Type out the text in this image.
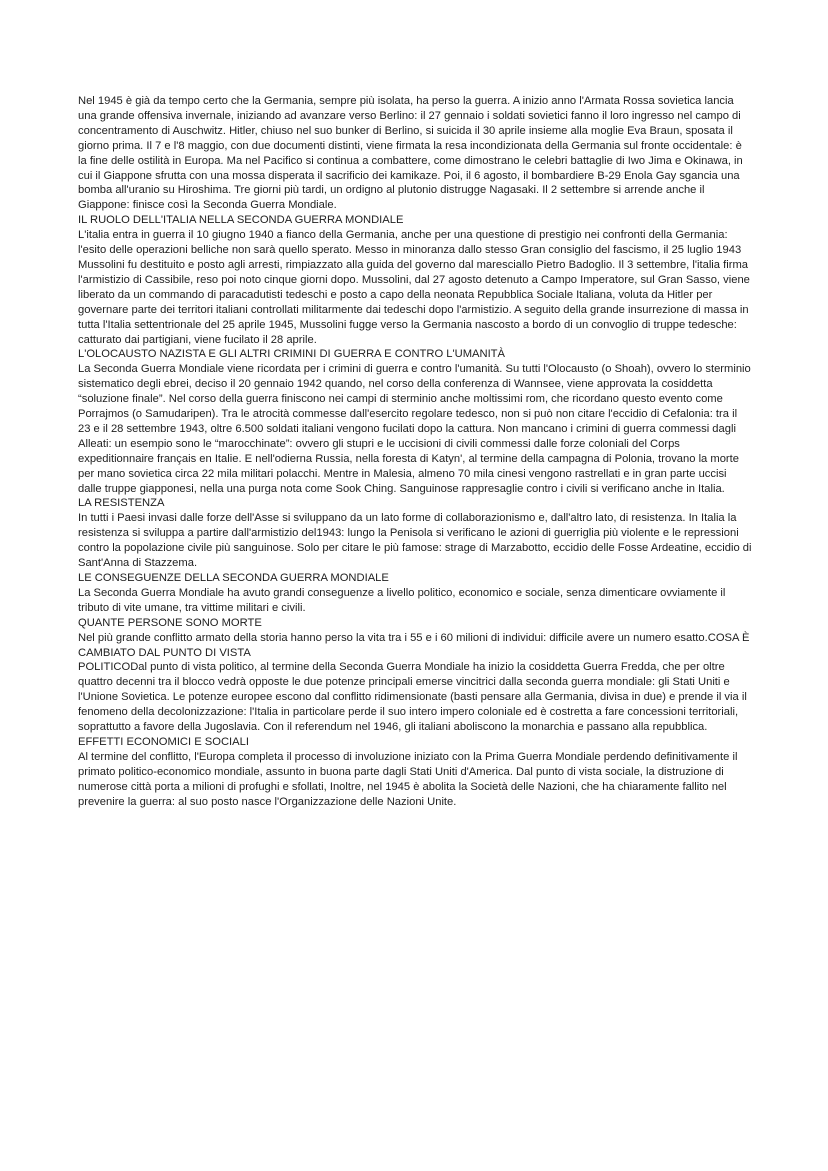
Nel 1945 è già da tempo certo che la Germania, sempre più isolata, ha perso la guerra. A inizio anno l'Armata Rossa sovietica lancia una grande offensiva invernale, iniziando ad avanzare verso Berlino: il 27 gennaio i soldati sovietici fanno il loro ingresso nel campo di concentramento di Auschwitz. Hitler, chiuso nel suo bunker di Berlino, si suicida il 30 aprile insieme alla moglie Eva Braun, sposata il giorno prima. Il 7 e l'8 maggio, con due documenti distinti, viene firmata la resa incondizionata della Germania sul fronte occidentale: è la fine delle ostilità in Europa. Ma nel Pacifico si continua a combattere, come dimostrano le celebri battaglie di Iwo Jima e Okinawa, in cui il Giappone sfrutta con una mossa disperata il sacrificio dei kamikaze. Poi, il 6 agosto, il bombardiere B-29 Enola Gay sgancia una bomba all'uranio su Hiroshima. Tre giorni più tardi, un ordigno al plutonio distrugge Nagasaki. Il 2 settembre si arrende anche il Giappone: finisce così la Seconda Guerra Mondiale.
IL RUOLO DELL'ITALIA NELLA SECONDA GUERRA MONDIALE
L'italia entra in guerra il 10 giugno 1940 a fianco della Germania, anche per una questione di prestigio nei confronti della Germania: l'esito delle operazioni belliche non sarà quello sperato. Messo in minoranza dallo stesso Gran consiglio del fascismo, il 25 luglio 1943 Mussolini fu destituito e posto agli arresti, rimpiazzato alla guida del governo dal maresciallo Pietro Badoglio. Il 3 settembre, l'italia firma l'armistizio di Cassibile, reso poi noto cinque giorni dopo. Mussolini, dal 27 agosto detenuto a Campo Imperatore, sul Gran Sasso, viene liberato da un commando di paracadutisti tedeschi e posto a capo della neonata Repubblica Sociale Italiana, voluta da Hitler per governare parte dei territori italiani controllati militarmente dai tedeschi dopo l'armistizio. A seguito della grande insurrezione di massa in tutta l'Italia settentrionale del 25 aprile 1945, Mussolini fugge verso la Germania nascosto a bordo di un convoglio di truppe tedesche: catturato dai partigiani, viene fucilato il 28 aprile.
L'OLOCAUSTO NAZISTA E GLI ALTRI CRIMINI DI GUERRA E CONTRO L'UMANITÀ
La Seconda Guerra Mondiale viene ricordata per i crimini di guerra e contro l'umanità. Su tutti l'Olocausto (o Shoah), ovvero lo sterminio sistematico degli ebrei, deciso il 20 gennaio 1942 quando, nel corso della conferenza di Wannsee, viene approvata la cosiddetta “soluzione finale”. Nel corso della guerra finiscono nei campi di sterminio anche moltissimi rom, che ricordano questo evento come Porrajmos (o Samudaripen). Tra le atrocità commesse dall'esercito regolare tedesco, non si può non citare l'eccidio di Cefalonia: tra il 23 e il 28 settembre 1943, oltre 6.500 soldati italiani vengono fucilati dopo la cattura. Non mancano i crimini di guerra commessi dagli Alleati: un esempio sono le “marocchinate”: ovvero gli stupri e le uccisioni di civili commessi dalle forze coloniali del Corps expeditionnaire français en Italie. E nell'odierna Russia, nella foresta di Katyn', al termine della campagna di Polonia, trovano la morte per mano sovietica circa 22 mila militari polacchi. Mentre in Malesia, almeno 70 mila cinesi vengono rastrellati e in gran parte uccisi dalle truppe giapponesi, nella una purga nota come Sook Ching. Sanguinose rappresaglie contro i civili si verificano anche in Italia.
LA RESISTENZA
In tutti i Paesi invasi dalle forze dell'Asse si sviluppano da un lato forme di collaborazionismo e, dall'altro lato, di resistenza. In Italia la resistenza si sviluppa a partire dall'armistizio del1943: lungo la Penisola si verificano le azioni di guerriglia più violente e le repressioni contro la popolazione civile più sanguinose. Solo per citare le più famose: strage di Marzabotto, eccidio delle Fosse Ardeatine, eccidio di Sant'Anna di Stazzema.
LE CONSEGUENZE DELLA SECONDA GUERRA MONDIALE
La Seconda Guerra Mondiale ha avuto grandi conseguenze a livello politico, economico e sociale, senza dimenticare ovviamente il tributo di vite umane, tra vittime militari e civili.
QUANTE PERSONE SONO MORTE
Nel più grande conflitto armato della storia hanno perso la vita tra i 55 e i 60 milioni di individui: difficile avere un numero esatto.COSA È CAMBIATO DAL PUNTO DI VISTA
POLITICODal punto di vista politico, al termine della Seconda Guerra Mondiale ha inizio la cosiddetta Guerra Fredda, che per oltre quattro decenni tra il blocco vedrà opposte le due potenze principali emerse vincitrici dalla seconda guerra mondiale: gli Stati Uniti e l'Unione Sovietica. Le potenze europee escono dal conflitto ridimensionate (basti pensare alla Germania, divisa in due) e prende il via il fenomeno della decolonizzazione: l'Italia in particolare perde il suo intero impero coloniale ed è costretta a fare concessioni territoriali, soprattutto a favore della Jugoslavia. Con il referendum nel 1946, gli italiani aboliscono la monarchia e passano alla repubblica.
EFFETTI ECONOMICI E SOCIALI
Al termine del conflitto, l'Europa completa il processo di involuzione iniziato con la Prima Guerra Mondiale perdendo definitivamente il primato politico-economico mondiale, assunto in buona parte dagli Stati Uniti d'America. Dal punto di vista sociale, la distruzione di numerose città porta a milioni di profughi e sfollati, Inoltre, nel 1945 è abolita la Società delle Nazioni, che ha chiaramente fallito nel prevenire la guerra: al suo posto nasce l'Organizzazione delle Nazioni Unite.
